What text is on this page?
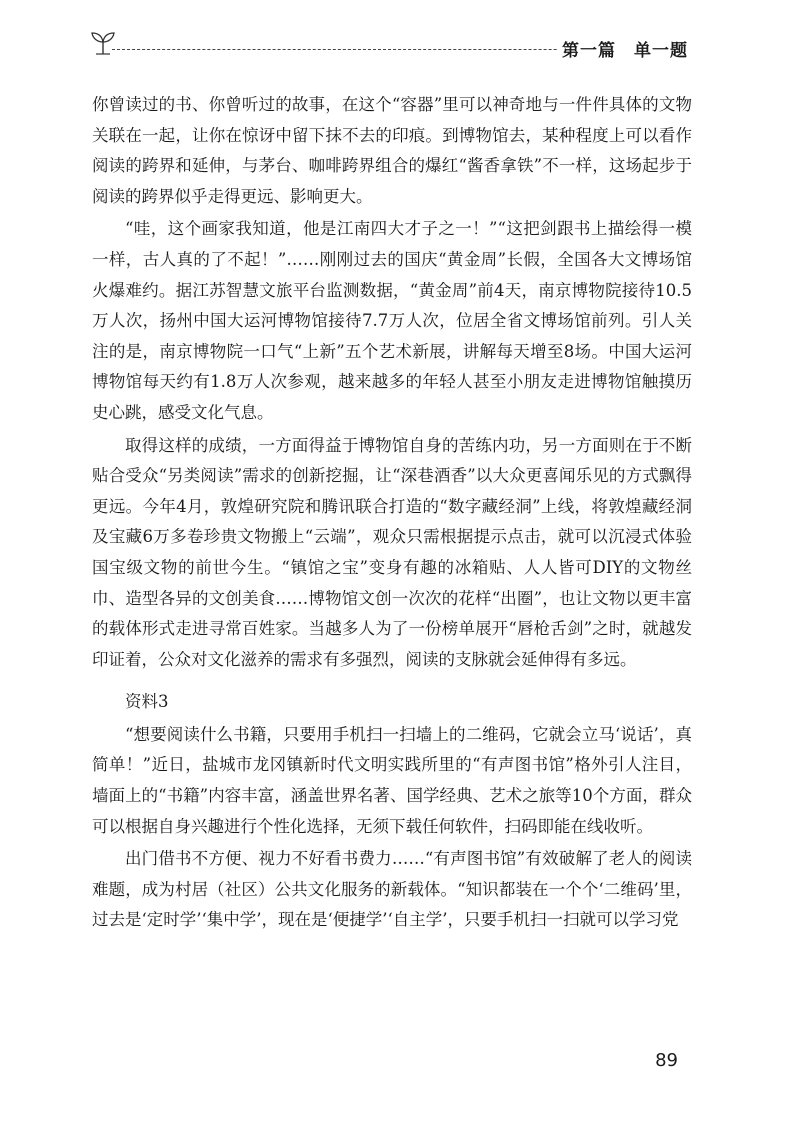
第一篇　单一题

你曾读过的书、你曾听过的故事，在这个“容器”里可以神奇地与一件件具体的文物关联在一起，让你在惊讶中留下抹不去的印痕。到博物馆去，某种程度上可以看作阅读的跨界和延伸，与茅台、咖啡跨界组合的爆红“酱香拿铁”不一样，这场起步于阅读的跨界似乎走得更远、影响更大。

“哇，这个画家我知道，他是江南四大才子之一！”“这把剑跟书上描绘得一模一样，古人真的了不起！”……刚刚过去的国庆“黄金周”长假，全国各大文博场馆火爆难约。据江苏智慧文旅平台监测数据，“黄金周”前4天，南京博物院接待10.5万人次，扬州中国大运河博物馆接待7.7万人次，位居全省文博场馆前列。引人关注的是，南京博物院一口气“上新”五个艺术新展，讲解每天增至8场。中国大运河博物馆每天约有1.8万人次参观，越来越多的年轻人甚至小朋友走进博物馆触摸历史心跳，感受文化气息。

取得这样的成绩，一方面得益于博物馆自身的苦练内功，另一方面则在于不断贴合受众“另类阅读”需求的创新挖掘，让“深巷酒香”以大众更喜闻乐见的方式飘得更远。今年4月，敦煌研究院和腾讯联合打造的“数字藏经洞”上线，将敦煌藏经洞及宝藏6万多卷珍贵文物搬上“云端”，观众只需根据提示点击，就可以沉浸式体验国宝级文物的前世今生。“镇馆之宝”变身有趣的冰箱贴、人人皆可DIY的文物丝巾、造型各异的文创美食……博物馆文创一次次的花样“出圈”，也让文物以更丰富的载体形式走进寻常百姓家。当越多人为了一份榜单展开“唇枪舌剑”之时，就越发印证着，公众对文化滋养的需求有多强烈，阅读的支脉就会延伸得有多远。

资料3

“想要阅读什么书籍，只要用手机扫一扫墙上的二维码，它就会立马‘说话’，真简单！”近日，盐城市龙冈镇新时代文明实践所里的“有声图书馆”格外引人注目，墙面上的“书籍”内容丰富，涵盖世界名著、国学经典、艺术之旅等10个方面，群众可以根据自身兴趣进行个性化选择，无须下载任何软件，扫码即能在线收听。

出门借书不方便、视力不好看书费力……“有声图书馆”有效破解了老人的阅读难题，成为村居（社区）公共文化服务的新载体。“知识都装在一个个‘二维码’里，过去是‘定时学’‘集中学’，现在是‘便捷学’‘自主学’，只要手机扫一扫就可以学习党

89
